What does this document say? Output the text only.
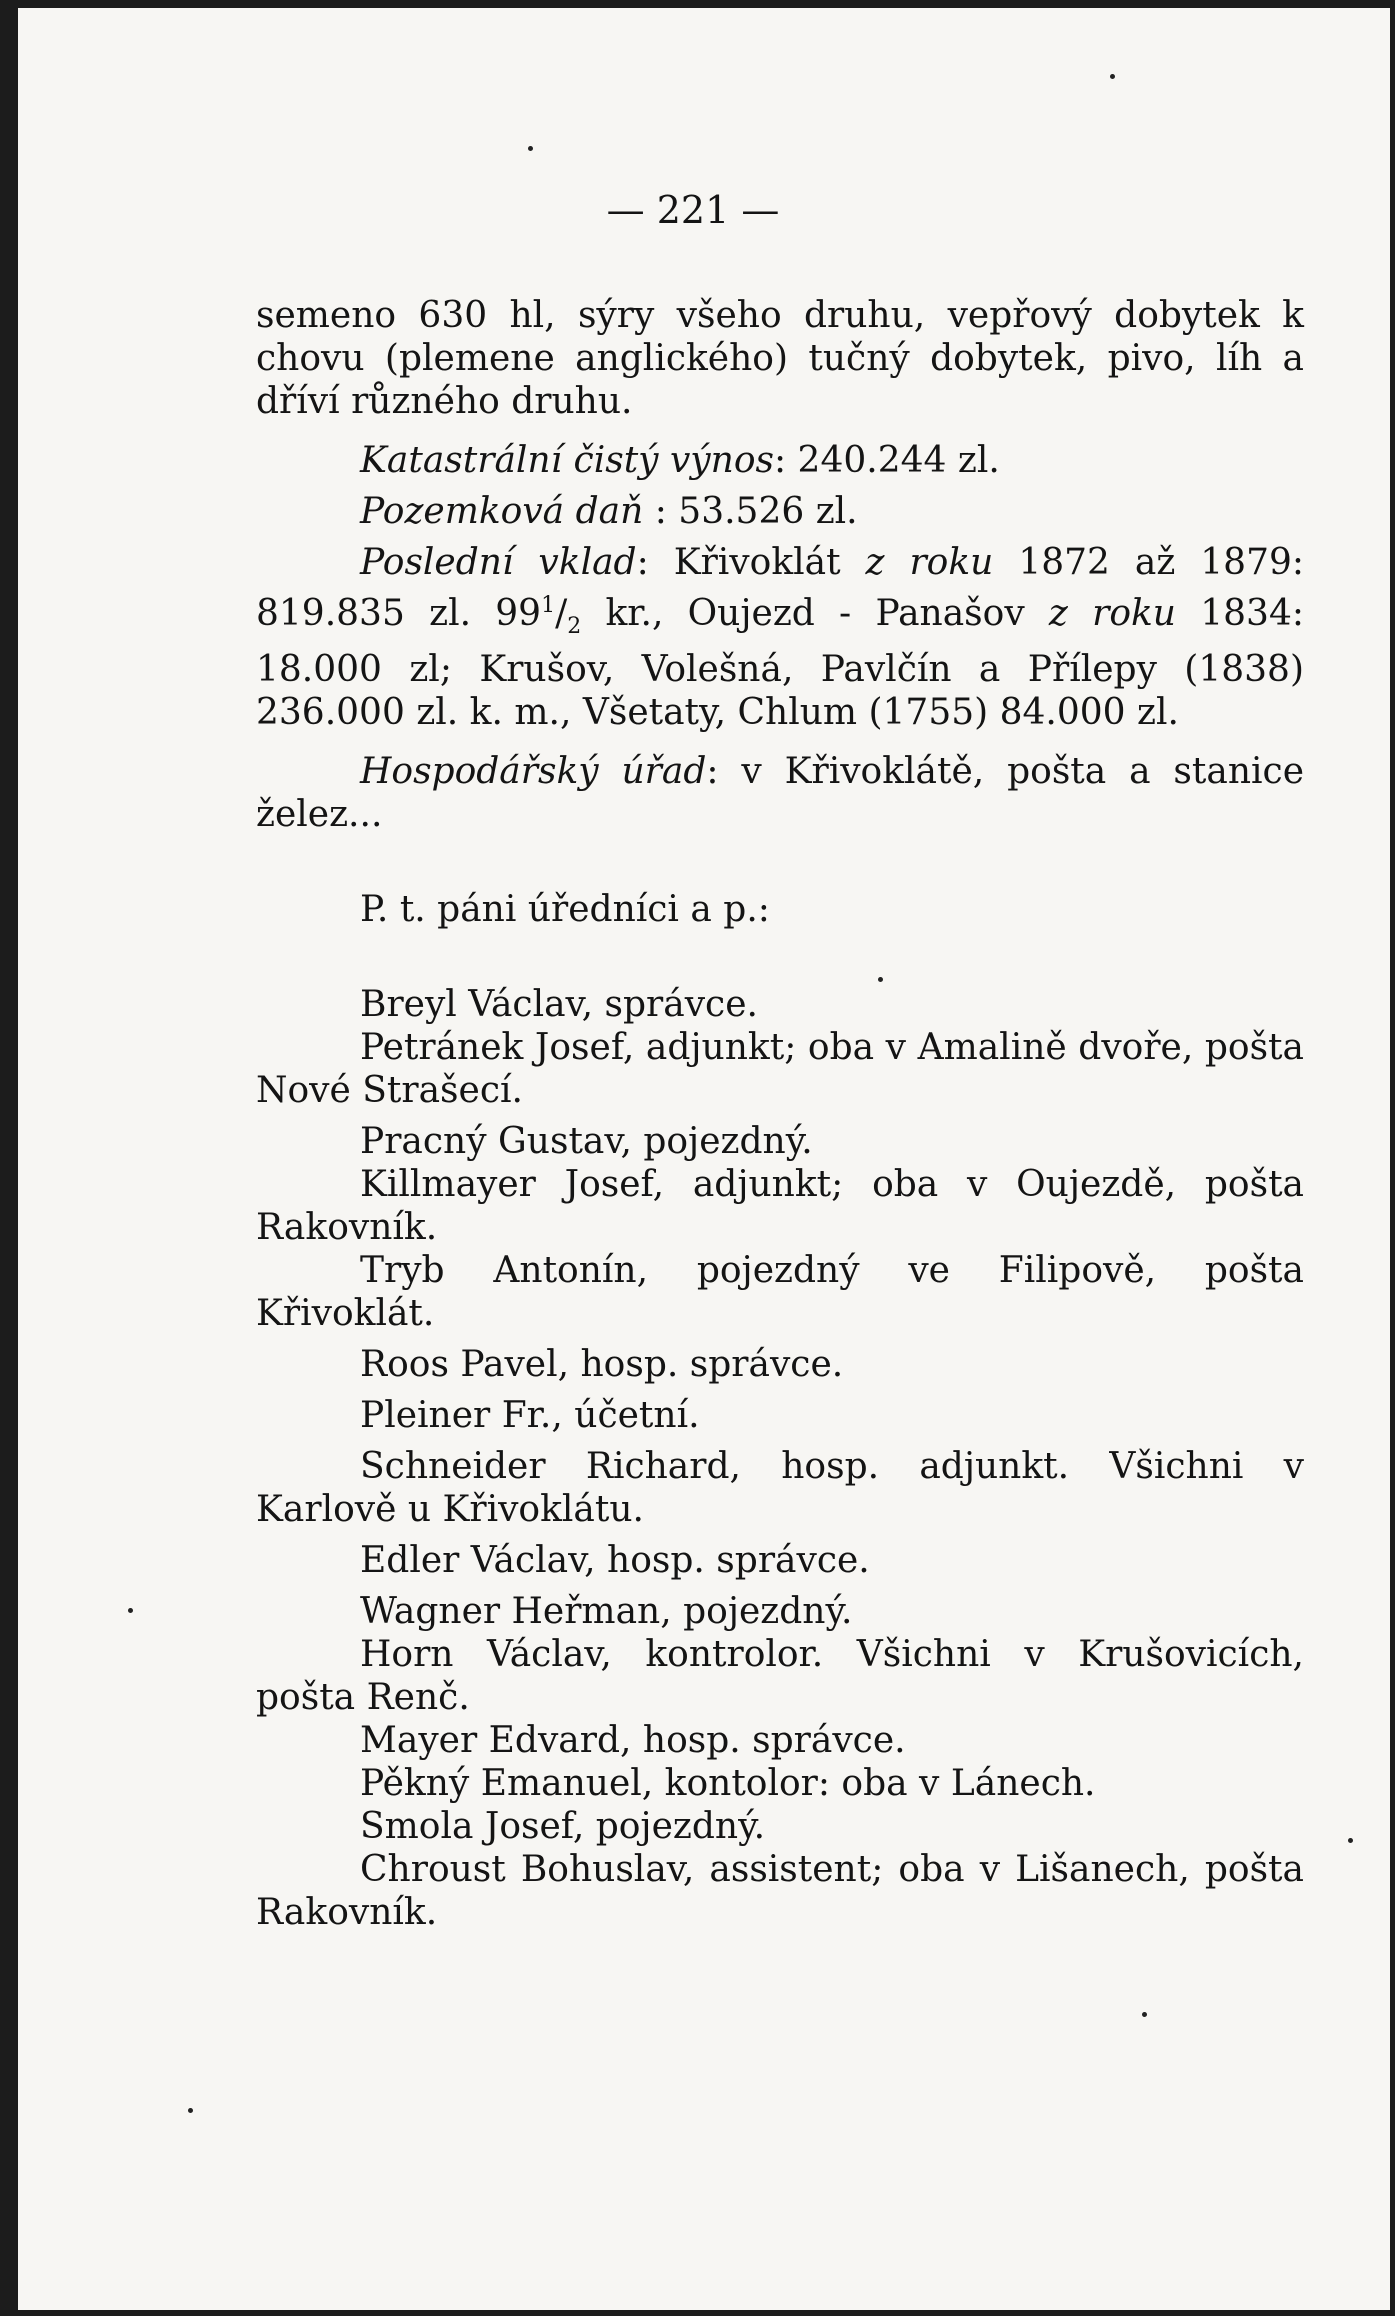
— 221 —

semeno 630 hl, sýry všeho druhu, vepřový dobytek k chovu (plemene anglického) tučný dobytek, pivo, líh a dříví různého druhu.

Katastrální čistý výnos: 240.244 zl.

Pozemková daň : 53.526 zl.

Poslední vklad: Křivoklát z roku 1872 až 1879: 819.835 zl. $99^1/_2$ kr., Oujezd - Panašov z roku 1834: 18.000 zl; Krušov, Volešná, Pavlčín a Přílepy (1838) 236.000 zl. k. m., Všetaty, Chlum (1755) 84.000 zl.

Hospodářský úřad: v Křivoklátě, pošta a stanice želez...

P. t. páni úředníci a p.:

Breyl Václav, správce.

Petránek Josef, adjunkt; oba v Amalině dvoře, pošta Nové Strašecí.

Pracný Gustav, pojezdný.

Killmayer Josef, adjunkt; oba v Oujezdě, pošta Rakovník.

Tryb Antonín, pojezdný ve Filipově, pošta Křivoklát.

Roos Pavel, hosp. správce.

Pleiner Fr., účetní.

Schneider Richard, hosp. adjunkt. Všichni v Karlově u Křivoklátu.

Edler Václav, hosp. správce.

Wagner Heřman, pojezdný.

Horn Václav, kontrolor. Všichni v Krušovicích, pošta Renč.

Mayer Edvard, hosp. správce.

Pěkný Emanuel, kontolor: oba v Lánech.

Smola Josef, pojezdný.

Chroust Bohuslav, assistent; oba v Lišanech, pošta Rakovník.
